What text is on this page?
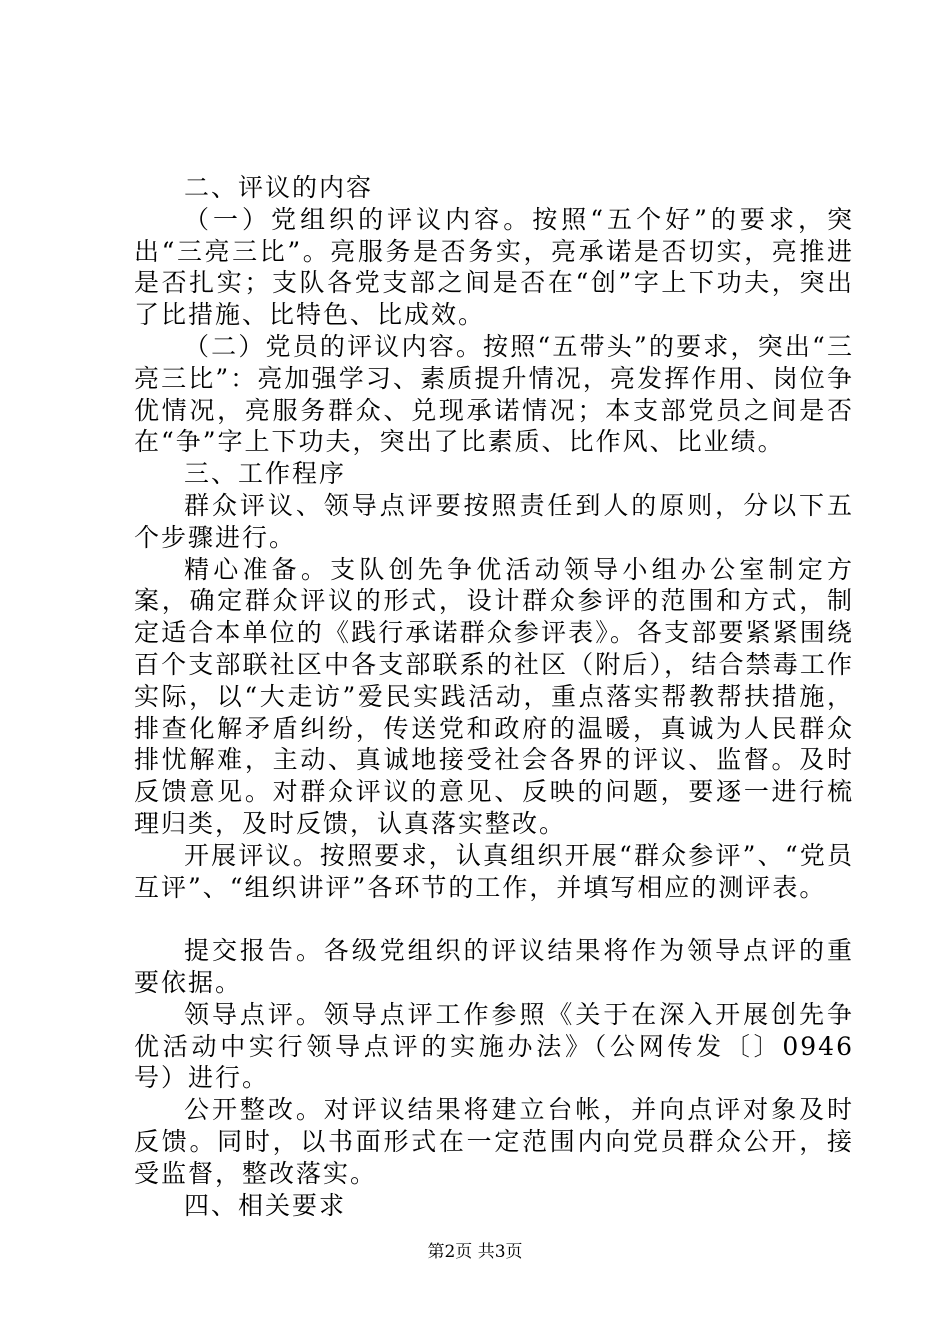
二、评议的内容

（一）党组织的评议内容。按照“五个好”的要求，突出“三亮三比”。亮服务是否务实，亮承诺是否切实，亮推进是否扎实；支队各党支部之间是否在“创”字上下功夫，突出了比措施、比特色、比成效。

（二）党员的评议内容。按照“五带头”的要求，突出“三亮三比”：亮加强学习、素质提升情况，亮发挥作用、岗位争优情况，亮服务群众、兑现承诺情况；本支部党员之间是否在“争”字上下功夫，突出了比素质、比作风、比业绩。

三、工作程序

群众评议、领导点评要按照责任到人的原则，分以下五个步骤进行。

精心准备。支队创先争优活动领导小组办公室制定方案，确定群众评议的形式，设计群众参评的范围和方式，制定适合本单位的《践行承诺群众参评表》。各支部要紧紧围绕百个支部联社区中各支部联系的社区（附后），结合禁毒工作实际，以“大走访”爱民实践活动，重点落实帮教帮扶措施，排查化解矛盾纠纷，传送党和政府的温暖，真诚为人民群众排忧解难，主动、真诚地接受社会各界的评议、监督。及时反馈意见。对群众评议的意见、反映的问题，要逐一进行梳理归类，及时反馈，认真落实整改。

开展评议。按照要求，认真组织开展“群众参评”、“党员互评”、“组织讲评”各环节的工作，并填写相应的测评表。

提交报告。各级党组织的评议结果将作为领导点评的重要依据。

领导点评。领导点评工作参照《关于在深入开展创先争优活动中实行领导点评的实施办法》（公网传发〔〕0946号）进行。

公开整改。对评议结果将建立台帐，并向点评对象及时反馈。同时，以书面形式在一定范围内向党员群众公开，接受监督，整改落实。

四、相关要求

第2页 共3页
